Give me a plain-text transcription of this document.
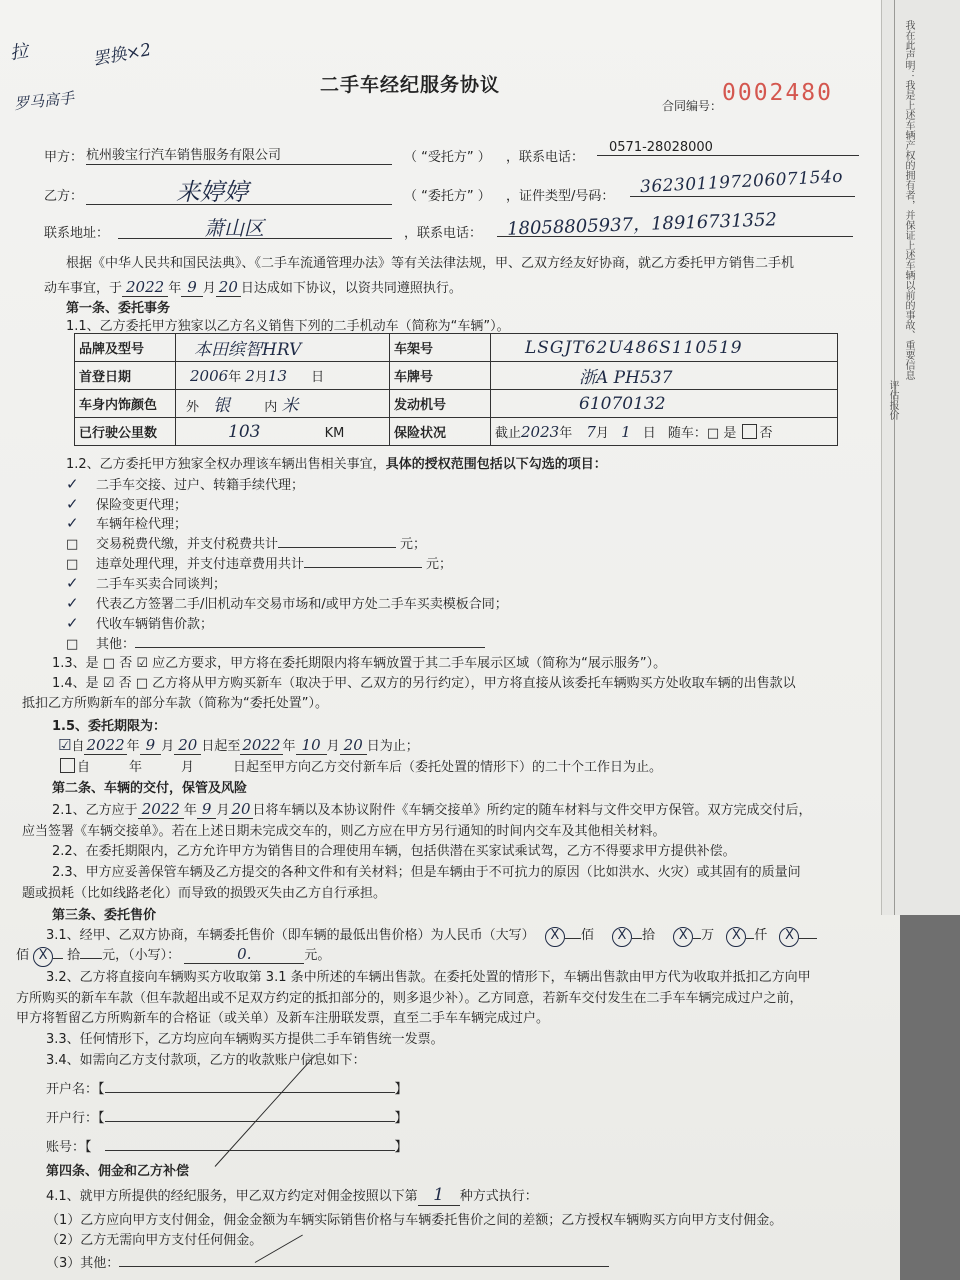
我在此声明：我是上述车辆产权的拥有者，并保证上述车辆以前的事故、重要信息
评估报价
拉	罢换×2
罗马高手
二手车经纪服务协议
合同编号： 0002480
甲方： 杭州骏宝行汽车销售服务有限公司	（ “受托方” ） ，联系电话：
0571-28028000
乙方：	来婷婷	（ “委托方” ） ，证件类型/号码： 36230119720607154o
联系地址：	萧山区	，联系电话： 18058805937，18916731352
根据《中华人民共和国民法典》、《二手车流通管理办法》等有关法律法规，甲、乙双方经友好协商，就乙方委托甲方销售二手机
动车事宜，于 2022 年 9 月 20 日达成如下协议，以资共同遵照执行。
第一条、委托事务
1.1、乙方委托甲方独家以乙方名义销售下列的二手机动车（简称为“车辆”）。
品牌及型号	本田缤智HRV	车架号	LSGJT62U486S110519
首登日期	2006年 2月13 日	车牌号	浙A PH537
车身内饰颜色	外 银 内 米	发动机号	61070132
已行驶公里数	103 KM	保险状况	截止2023年 7月 1 日 随车：□ 是 否
1.2、乙方委托甲方独家全权办理该车辆出售相关事宜，具体的授权范围包括以下勾选的项目：
✓ 二手车交接、过户、转籍手续代理；
✓ 保险变更代理；
✓ 车辆年检代理；
□ 交易税费代缴，并支付税费共计	元；
□ 违章处理代理，并支付违章费用共计	元；
✓ 二手车买卖合同谈判；
✓ 代表乙方签署二手/旧机动车交易市场和/或甲方处二手车买卖模板合同；
✓ 代收车辆销售价款；
□ 其他：
1.3、是 □ 否 ☑ 应乙方要求，甲方将在委托期限内将车辆放置于其二手车展示区域（简称为“展示服务”）。
1.4、是 ☑ 否 □ 乙方将从甲方购买新车（取决于甲、乙双方的另行约定），甲方将直接从该委托车辆购买方处收取车辆的出售款以
抵扣乙方所购新车的部分车款（简称为“委托处置”）。
1.5、委托期限为：
☑自 2022 年 9 月 20 日起至 2022 年 10 月 20 日为止；
自　　　年　　　月　　　日起至甲方向乙方交付新车后（委托处置的情形下）的二十个工作日为止。
第二条、车辆的交付，保管及风险
2.1、乙方应于 2022 年 9 月 20 日将车辆以及本协议附件《车辆交接单》所约定的随车材料与文件交甲方保管。双方完成交付后，
应当签署《车辆交接单》。若在上述日期未完成交车的，则乙方应在甲方另行通知的时间内交车及其他相关材料。
2.2、在委托期限内，乙方允许甲方为销售目的合理使用车辆，包括供潜在买家试乘试驾，乙方不得要求甲方提供补偿。
2.3、甲方应妥善保管车辆及乙方提交的各种文件和有关材料；但是车辆由于不可抗力的原因（比如洪水、火灾）或其固有的质量问
题或损耗（比如线路老化）而导致的损毁灭失由乙方自行承担。
第三条、委托售价
3.1、经甲、乙双方协商，车辆委托售价（即车辆的最低出售价格）为人民币（大写） X 佰 X 拾 X 万 X 仟 X
佰 X 拾 元，（小写）：	0.	元。
3.2、乙方将直接向车辆购买方收取第 3.1 条中所述的车辆出售款。在委托处置的情形下，车辆出售款由甲方代为收取并抵扣乙方向甲
方所购买的新车车款（但车款超出或不足双方约定的抵扣部分的，则多退少补）。乙方同意，若新车交付发生在二手车车辆完成过户之前，
甲方将暂留乙方所购新车的合格证（或关单）及新车注册联发票，直至二手车车辆完成过户。
3.3、任何情形下，乙方均应向车辆购买方提供二手车销售统一发票。
3.4、如需向乙方支付款项，乙方的收款账户信息如下：
开户名：【	】
开户行：【	】
账号：【	】
第四条、佣金和乙方补偿
4.1、就甲方所提供的经纪服务，甲乙双方约定对佣金按照以下第 1 种方式执行：
（1）乙方应向甲方支付佣金，佣金金额为车辆实际销售价格与车辆委托售价之间的差额；乙方授权车辆购买方向甲方支付佣金。
（2）乙方无需向甲方支付任何佣金。
（3）其他：
